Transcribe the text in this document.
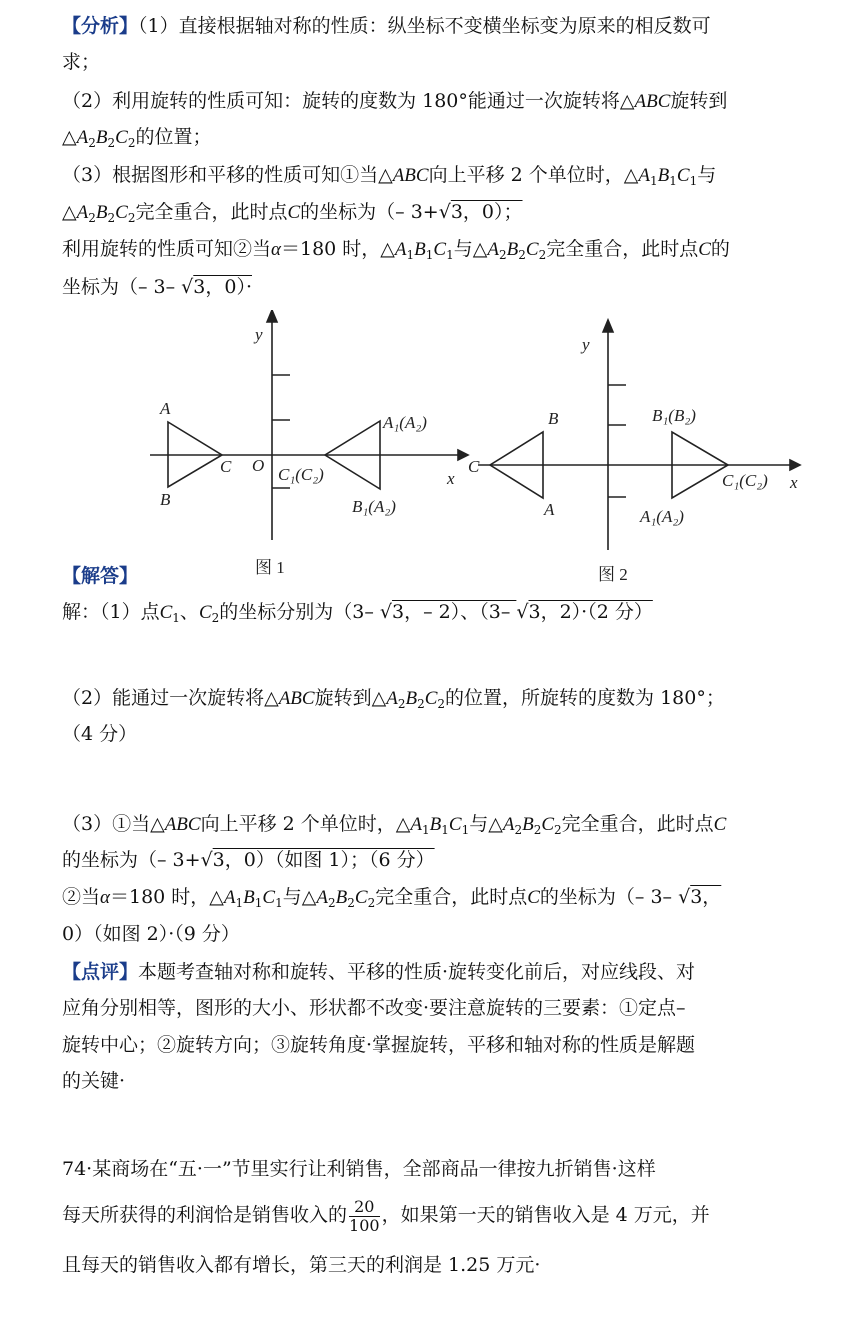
【分析】（1）直接根据轴对称的性质：纵坐标不变横坐标变为原来的相反数可
求；
（2）利用旋转的性质可知：旋转的度数为 180°能通过一次旋转将△ABC旋转到
$\triangle A_2B_2C_2$的位置；
（3）根据图形和平移的性质可知①当△ABC向上平移 2 个单位时，$\triangle A_1B_1C_1$与
$\triangle A_2B_2C_2$完全重合，此时点C的坐标为（– 3+√3，0）；
利用旋转的性质可知②当α＝180 时，$\triangle A_1B_1C_1$与$\triangle A_2B_2C_2$完全重合，此时点C的
坐标为（– 3– √3，0）·
y
x
O
A
B
C	C₁(C₂)
A₁(A₂)
B₁(A₂)
y
x
B
A
C
B₁(B₂)
C₁(C₂)
A₁(A₂)
图 1	图 2
【解答】
解：（1）点$C_1$、$C_2$的坐标分别为（3– √3，– 2）、（3– √3，2）·（2 分）
（2）能通过一次旋转将△ABC旋转到$\triangle A_2B_2C_2$的位置，所旋转的度数为 180°；
（4 分）
（3）①当△ABC向上平移 2 个单位时，$\triangle A_1B_1C_1$与$\triangle A_2B_2C_2$完全重合，此时点C
的坐标为（– 3+√3，0）（如图 1）；（6 分）
②当α＝180 时，$\triangle A_1B_1C_1$与$\triangle A_2B_2C_2$完全重合，此时点C的坐标为（– 3– √3，
0）（如图 2）·（9 分）
【点评】本题考查轴对称和旋转、平移的性质·旋转变化前后，对应线段、对
应角分别相等，图形的大小、形状都不改变·要注意旋转的三要素：①定点–
旋转中心；②旋转方向；③旋转角度·掌握旋转，平移和轴对称的性质是解题
的关键·
74·某商场在“五·一”节里实行让利销售，全部商品一律按九折销售·这样
每天所获得的利润恰是销售收入的 $\frac{20}{100}$ ，如果第一天的销售收入是 4 万元，并
且每天的销售收入都有增长，第三天的利润是 1.25 万元·
